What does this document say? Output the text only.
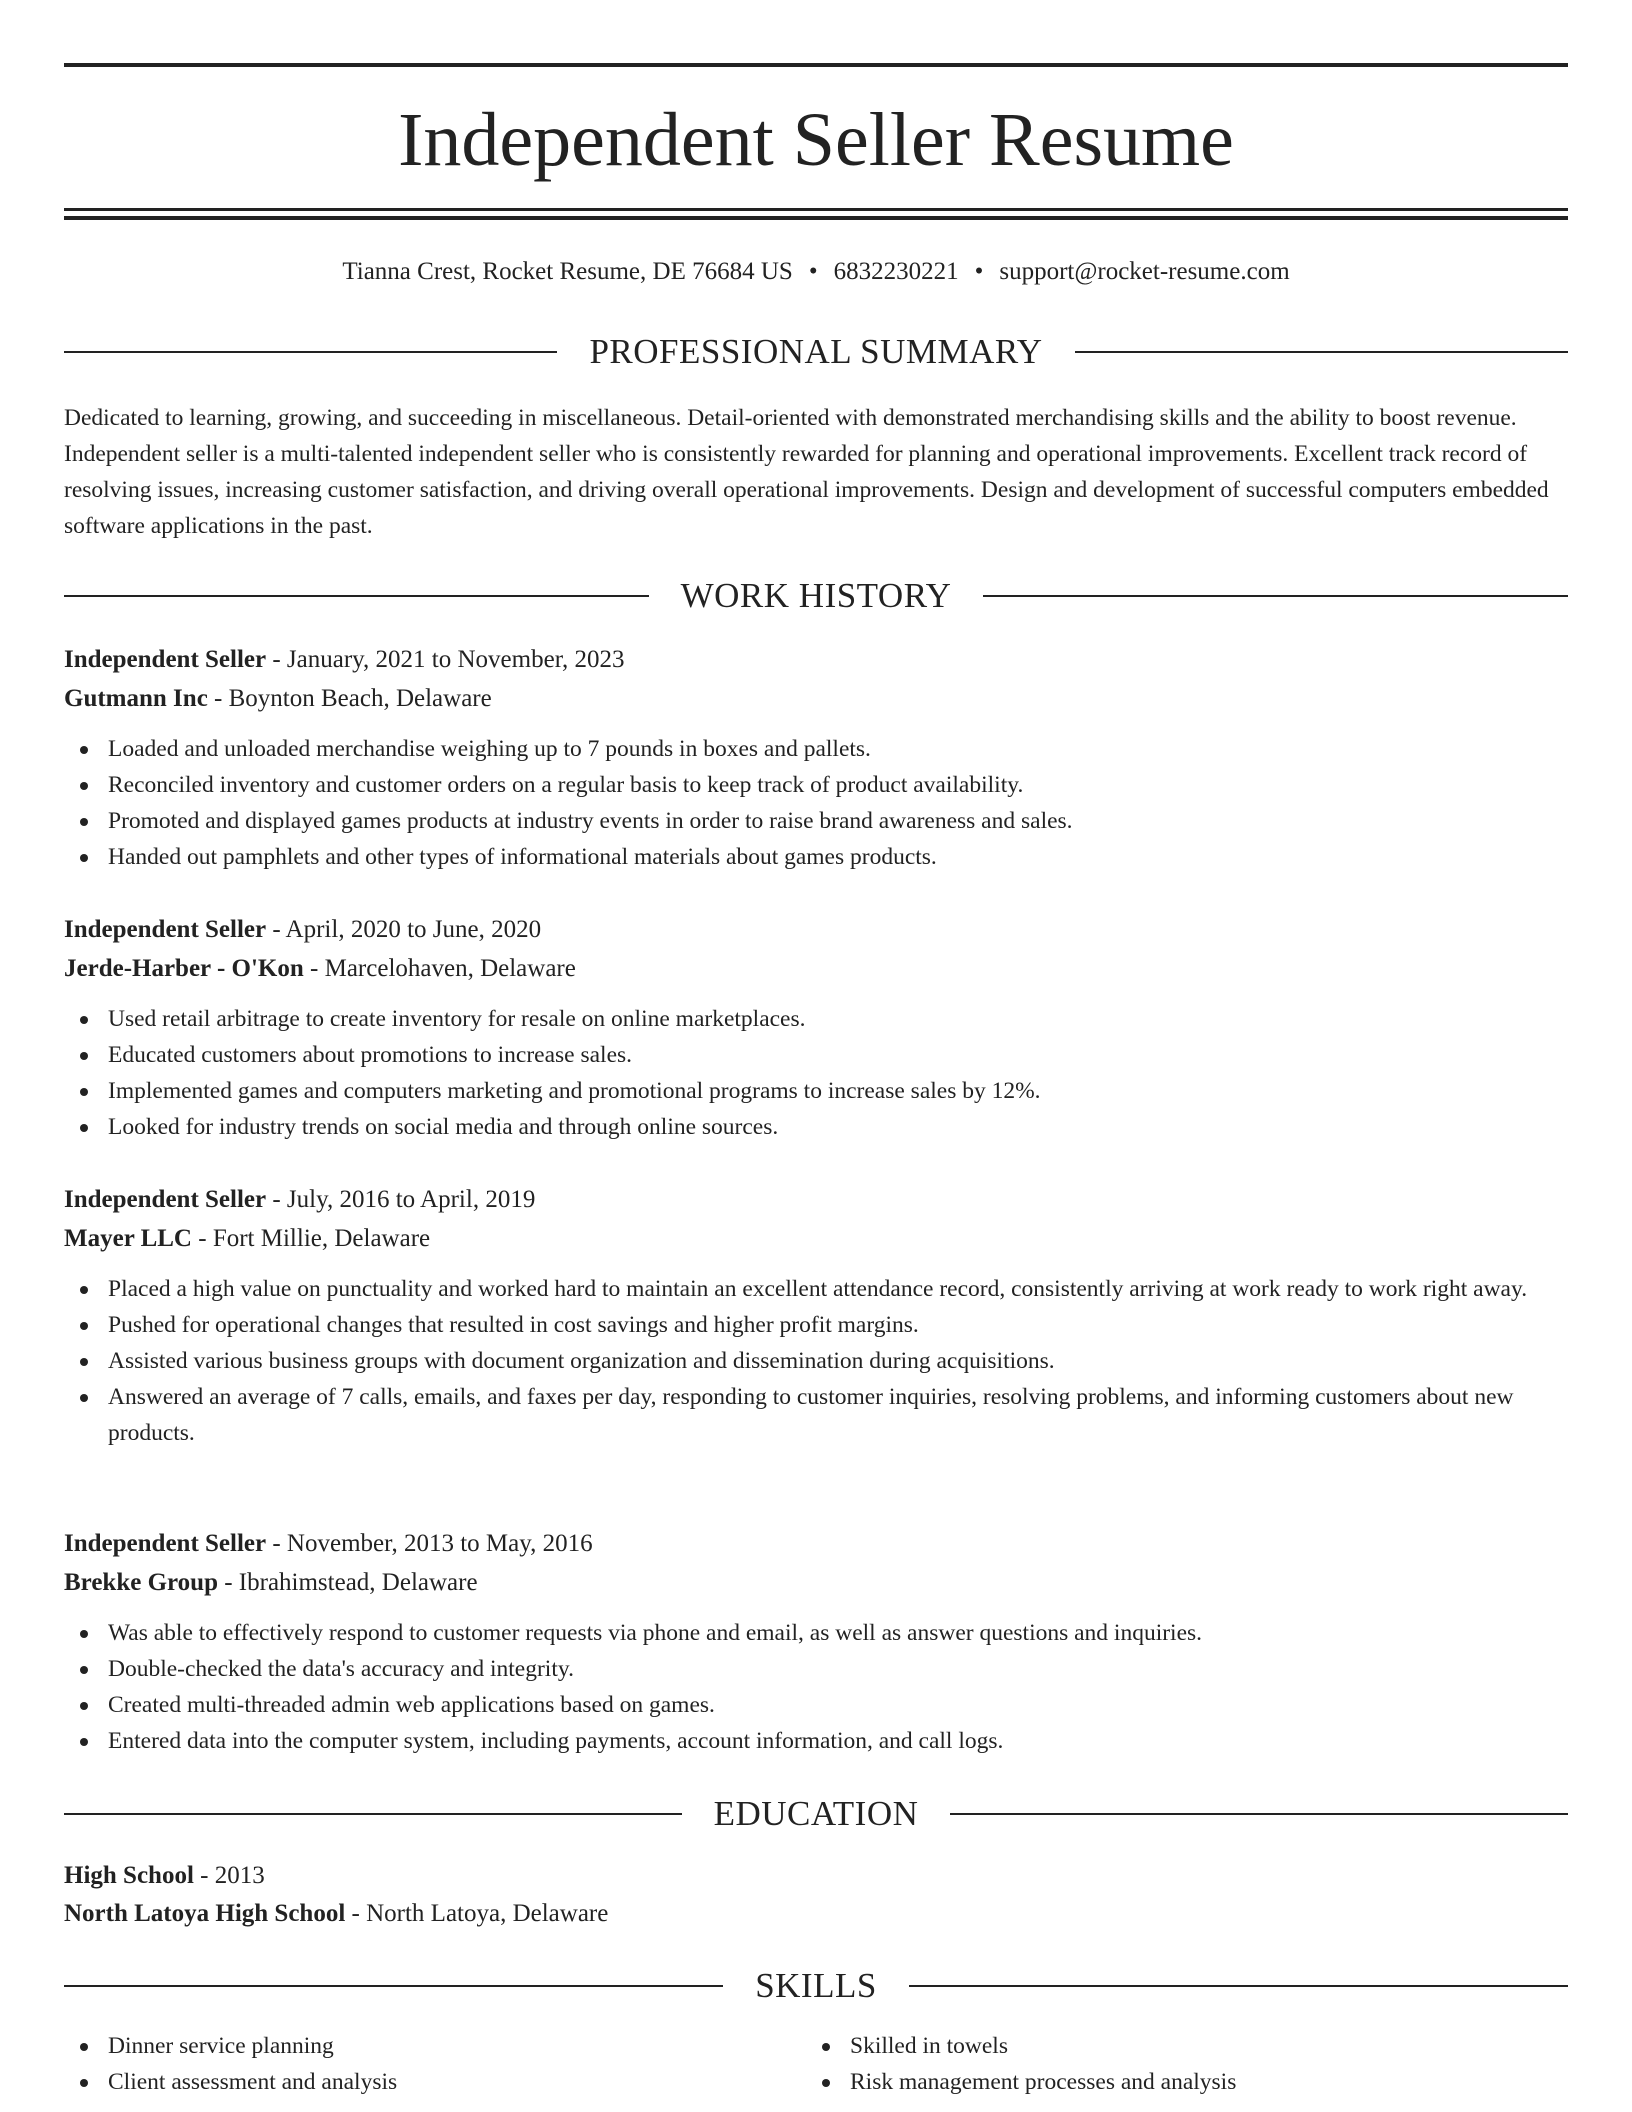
Independent Seller Resume
Tianna Crest, Rocket Resume, DE 76684 US • 6832230221 • support@rocket-resume.com
PROFESSIONAL SUMMARY

Dedicated to learning, growing, and succeeding in miscellaneous. Detail-oriented with demonstrated merchandising skills and the ability to boost revenue. Independent seller is a multi-talented independent seller who is consistently rewarded for planning and operational improvements. Excellent track record of resolving issues, increasing customer satisfaction, and driving overall operational improvements. Design and development of successful computers embedded software applications in the past.

WORK HISTORY
Independent Seller - January, 2021 to November, 2023
Gutmann Inc - Boynton Beach, Delaware
Loaded and unloaded merchandise weighing up to 7 pounds in boxes and pallets.
Reconciled inventory and customer orders on a regular basis to keep track of product availability.
Promoted and displayed games products at industry events in order to raise brand awareness and sales.
Handed out pamphlets and other types of informational materials about games products.
Independent Seller - April, 2020 to June, 2020
Jerde-Harber - O'Kon - Marcelohaven, Delaware
Used retail arbitrage to create inventory for resale on online marketplaces.
Educated customers about promotions to increase sales.
Implemented games and computers marketing and promotional programs to increase sales by 12%.
Looked for industry trends on social media and through online sources.
Independent Seller - July, 2016 to April, 2019
Mayer LLC - Fort Millie, Delaware
Placed a high value on punctuality and worked hard to maintain an excellent attendance record, consistently arriving at work ready to work right away.
Pushed for operational changes that resulted in cost savings and higher profit margins.
Assisted various business groups with document organization and dissemination during acquisitions.
Answered an average of 7 calls, emails, and faxes per day, responding to customer inquiries, resolving problems, and informing customers about new products.
Independent Seller - November, 2013 to May, 2016
Brekke Group - Ibrahimstead, Delaware
Was able to effectively respond to customer requests via phone and email, as well as answer questions and inquiries.
Double-checked the data's accuracy and integrity.
Created multi-threaded admin web applications based on games.
Entered data into the computer system, including payments, account information, and call logs.
EDUCATION
High School - 2013
North Latoya High School - North Latoya, Delaware
SKILLS
Dinner service planning
Client assessment and analysis
Skilled in towels
Risk management processes and analysis
